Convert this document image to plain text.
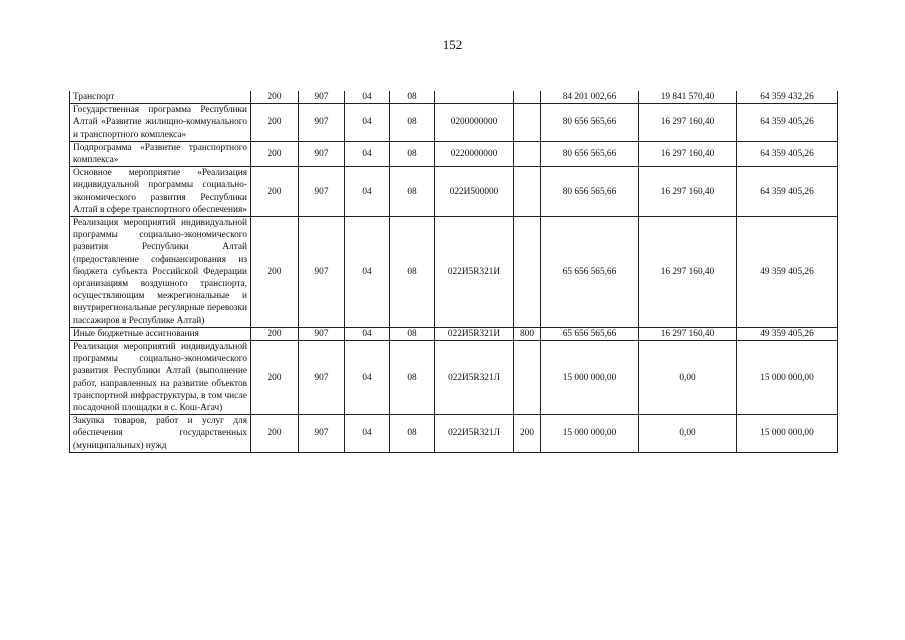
152
Транспорт	200	907	04	08			84 201 002,66	19 841 570,40	64 359 432,26
Государственная программа Республики Алтай «Развитие жилищно-коммунального и транспортного комплекса»	200	907	04	08	0200000000		80 656 565,66	16 297 160,40	64 359 405,26
Подпрограмма «Развитие транспортного комплекса»	200	907	04	08	0220000000		80 656 565,66	16 297 160,40	64 359 405,26
Основное мероприятие «Реализация индивидуальной программы социально-экономического развития Республики Алтай в сфере транспортного обеспечения»	200	907	04	08	022И500000		80 656 565,66	16 297 160,40	64 359 405,26
Реализация мероприятий индивидуальной программы социально-экономического развития Республики Алтай (предоставление софинансирования из бюджета субъекта Российской Федерации организациям воздушного транспорта, осуществляющим межрегиональные и внутрирегиональные регулярные перевозки пассажиров в Республике Алтай)	200	907	04	08	022И5R321И		65 656 565,66	16 297 160,40	49 359 405,26
Иные бюджетные ассигнования	200	907	04	08	022И5R321И	800	65 656 565,66	16 297 160,40	49 359 405,26
Реализация мероприятий индивидуальной программы социально-экономического развития Республики Алтай (выполнение работ, направленных на развитие объектов транспортной инфраструктуры, в том числе посадочной площадки в с. Кош-Агач)	200	907	04	08	022И5R321Л		15 000 000,00	0,00	15 000 000,00
Закупка товаров, работ и услуг для обеспечения государственных (муниципальных) нужд	200	907	04	08	022И5R321Л	200	15 000 000,00	0,00	15 000 000,00
